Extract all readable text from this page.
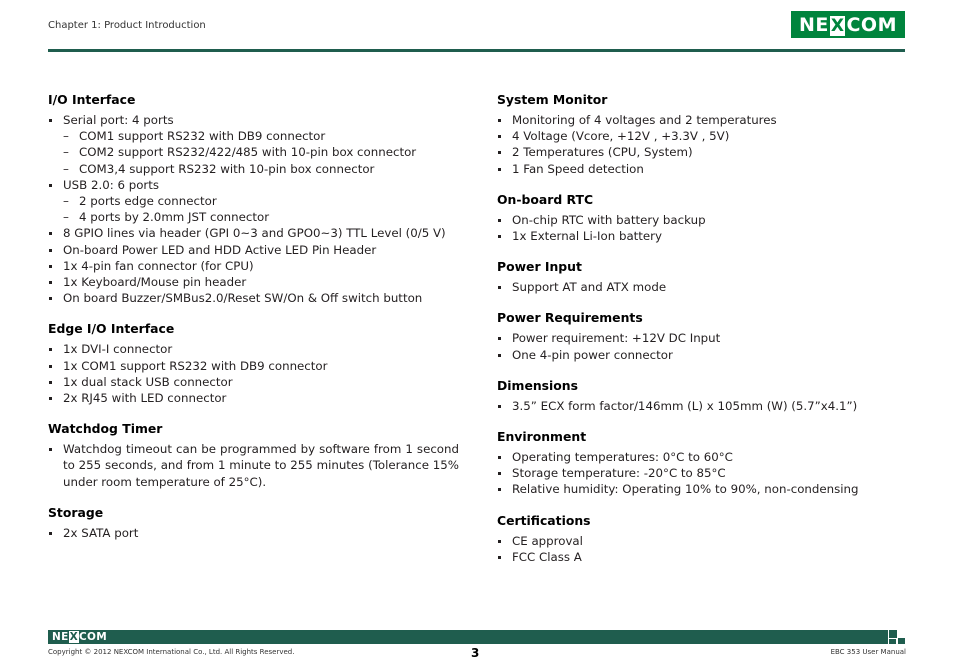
Chapter 1: Product Introduction	NE X COM
I/O Interface
Serial port: 4 ports
– COM1 support RS232 with DB9 connector
– COM2 support RS232/422/485 with 10-pin box connector
– COM3,4 support RS232 with 10-pin box connector
USB 2.0: 6 ports
– 2 ports edge connector
– 4 ports by 2.0mm JST connector
8 GPIO lines via header (GPI 0~3 and GPO0~3) TTL Level (0/5 V)
On-board Power LED and HDD Active LED Pin Header
1x 4-pin fan connector (for CPU)
1x Keyboard/Mouse pin header
On board Buzzer/SMBus2.0/Reset SW/On & Off switch button
Edge I/O Interface
1x DVI-I connector
1x COM1 support RS232 with DB9 connector
1x dual stack USB connector
2x RJ45 with LED connector
Watchdog Timer
Watchdog timeout can be programmed by software from 1 second to 255 seconds, and from 1 minute to 255 minutes (Tolerance 15% under room temperature of 25°C).
Storage
2x SATA port
System Monitor
Monitoring of 4 voltages and 2 temperatures
4 Voltage (Vcore, +12V , +3.3V , 5V)
2 Temperatures (CPU, System)
1 Fan Speed detection
On-board RTC
On-chip RTC with battery backup
1x External Li-Ion battery
Power Input
Support AT and ATX mode
Power Requirements
Power requirement: +12V DC Input
One 4-pin power connector
Dimensions
3.5” ECX form factor/146mm (L) x 105mm (W) (5.7”x4.1”)
Environment
Operating temperatures: 0°C to 60°C
Storage temperature: -20°C to 85°C
Relative humidity: Operating 10% to 90%, non-condensing
Certifications
CE approval
FCC Class A
NEXCOM
Copyright © 2012 NEXCOM International Co., Ltd. All Rights Reserved.	3	EBC 353 User Manual
